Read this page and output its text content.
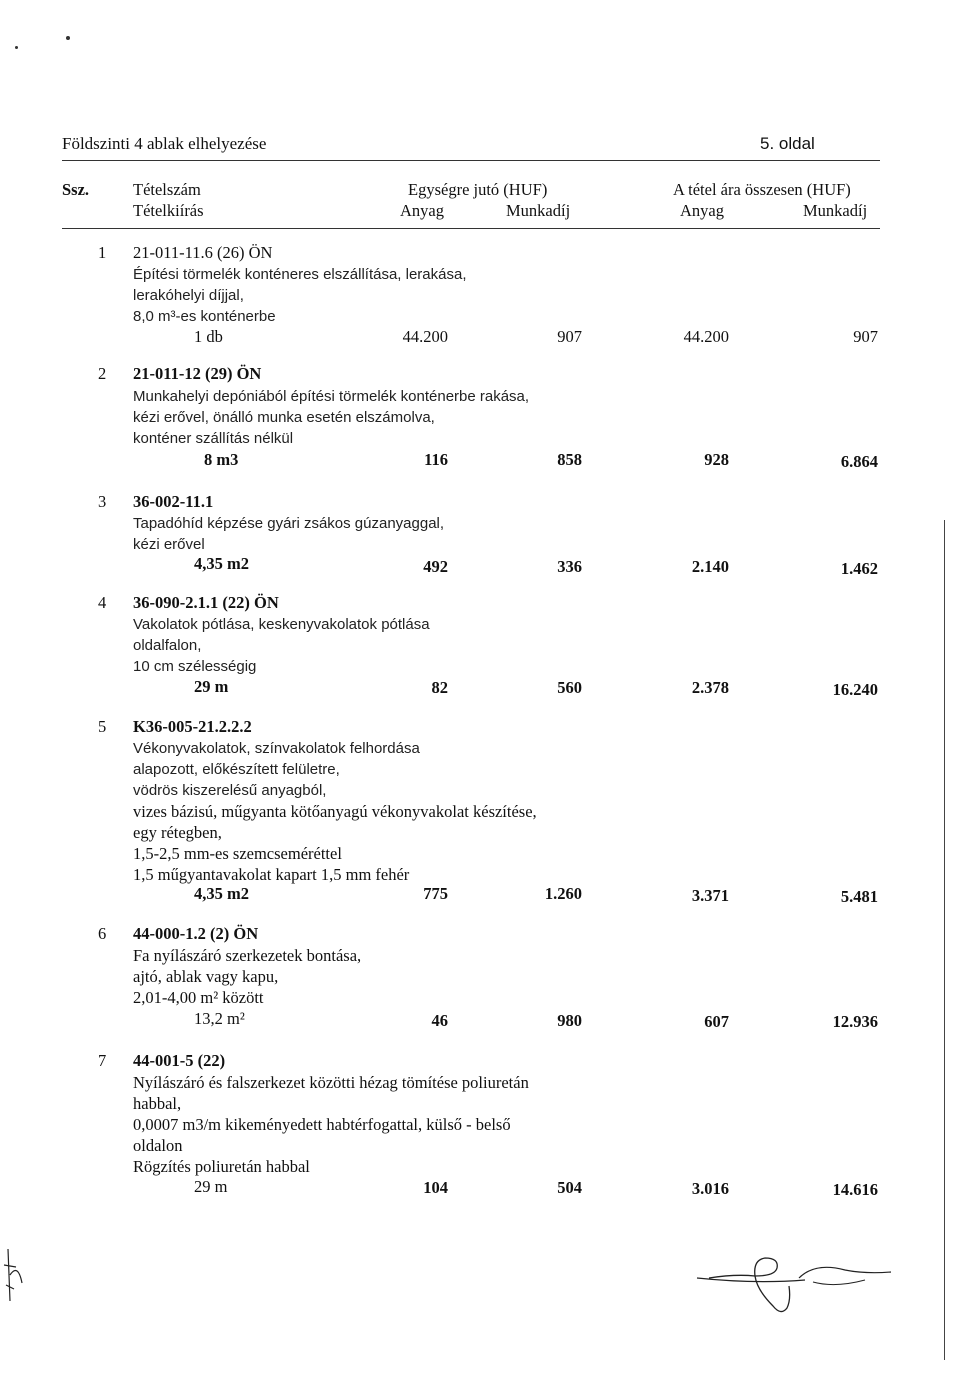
Földszinti 4 ablak elhelyezése	5. oldal
Ssz.	Tételszám
Tételkiírás
Egységre jutó (HUF)
Anyag	Munkadíj
A tétel ára összesen (HUF)
Anyag	Munkadíj
1 21-011-11.6 (26) ÖN
Építési törmelék konténeres elszállítása, lerakása,
lerakóhelyi díjjal,
8,0 m³-es konténerbe
1 db	44.200	907	44.200	907
2 21-011-12 (29) ÖN
Munkahelyi depóniából építési törmelék konténerbe rakása,
kézi erővel, önálló munka esetén elszámolva,
konténer szállítás nélkül
8 m3	116	858	928	6.864
3 36-002-11.1
Tapadóhíd képzése gyári zsákos gúzanyaggal,
kézi erővel
4,35 m2	492	336	2.140	1.462
4 36-090-2.1.1 (22) ÖN
Vakolatok pótlása, keskenyvakolatok pótlása
oldalfalon,
10 cm szélességig
29 m	82	560	2.378	16.240
5 K36-005-21.2.2.2
Vékonyvakolatok, színvakolatok felhordása
alapozott, előkészített felületre,
vödrös kiszerelésű anyagból,
vizes bázisú, műgyanta kötőanyagú vékonyvakolat készítése,
egy rétegben,
1,5-2,5 mm-es szemcseméréttel
1,5 műgyantavakolat kapart 1,5 mm fehér
4,35 m2	775	1.260	3.371	5.481
6 44-000-1.2 (2) ÖN
Fa nyílászáró szerkezetek bontása,
ajtó, ablak vagy kapu,
2,01-4,00 m² között
13,2 m²	46	980	607	12.936
7 44-001-5 (22)
Nyílászáró és falszerkezet közötti hézag tömítése poliuretán
habbal,
0,0007 m3/m kikeményedett habtérfogattal, külső - belső
oldalon
Rögzítés poliuretán habbal
29 m	104	504	3.016	14.616
